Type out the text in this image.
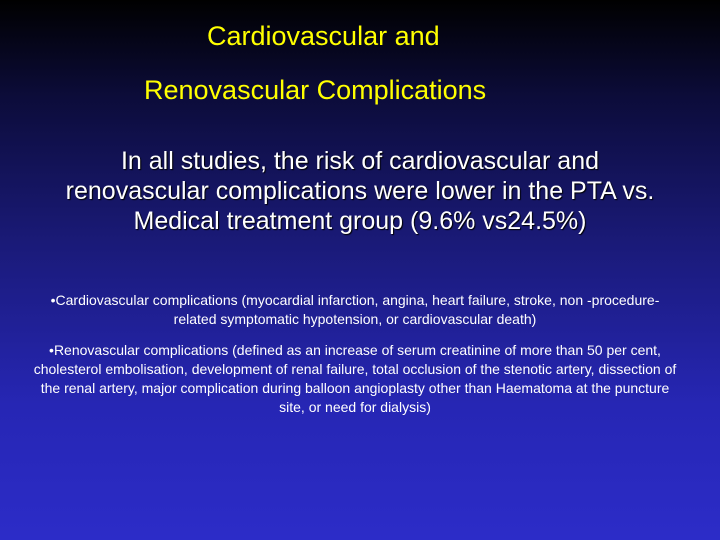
Cardiovascular and
Renovascular Complications
In all studies, the risk of cardiovascular and renovascular complications were lower in the PTA vs. Medical treatment group (9.6% vs24.5%)
•Cardiovascular complications (myocardial infarction, angina, heart failure, stroke, non -procedure-related symptomatic hypotension, or cardiovascular death)
•Renovascular complications (defined as an increase of serum creatinine of more than 50 per cent, cholesterol embolisation, development of renal failure, total occlusion of the stenotic artery, dissection of the renal artery, major complication during balloon angioplasty other than Haematoma at the puncture site, or need for dialysis)
